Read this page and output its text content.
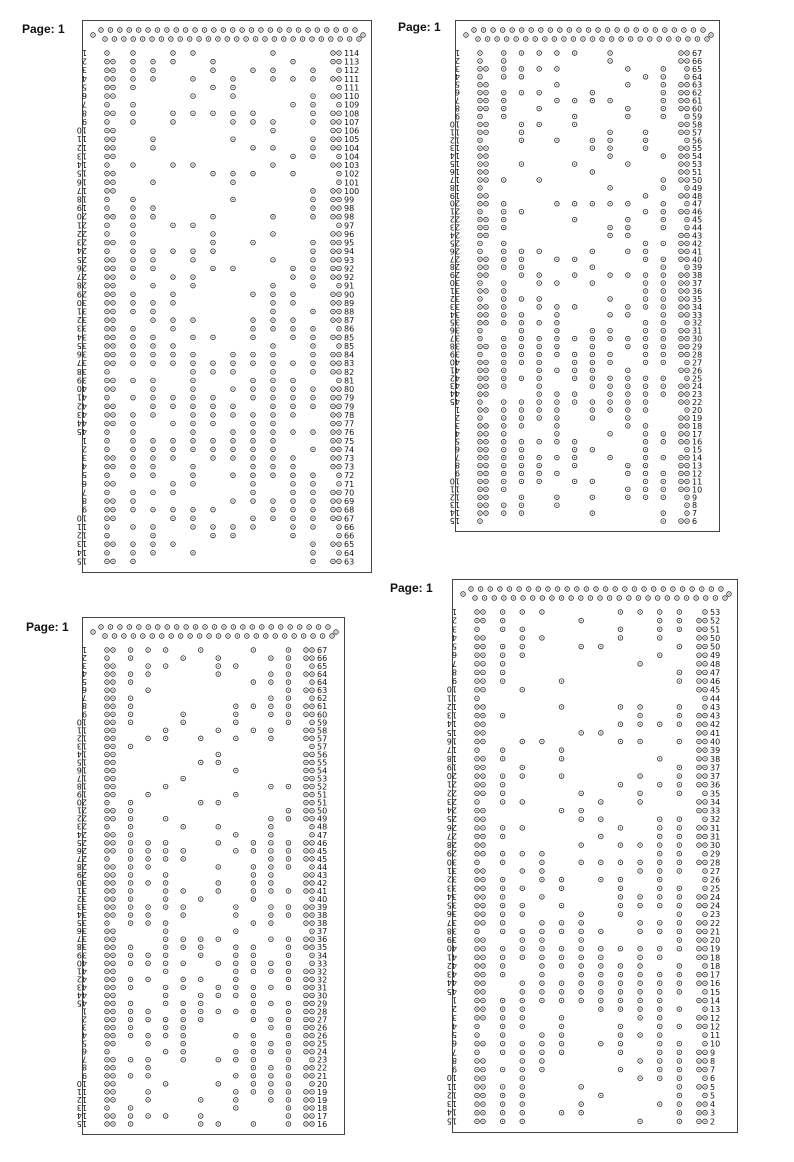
Page: 1	Page: 1
Page: 1
Page: 1
1	114
2	113
3	112
4	111
5	111
6	110
7	109
8	108
9	107
10	106
11	105
12	104
13	104
14	103
15	102
16	101
17	100
18	99
19	98
20	98
21	97
22	96
23	95
24	94
25	93
26	92
27	92
28	91
29	90
30	89
31	88
32	87
33	86
34	85
35	85
36	84
37	83
38	82
39	81
40	80
41	79
42	79
43	78
44	77
45	76
1	75
2	74
3	73
4	73
5	72
6	71
7	70
8	69
9	68
10	67
11	66
12	66
13	65
14	64
15	63
1	67
2	66
3	65
4	64
5	63
6	62
7	61
8	60
9	59
10	58
11	57
12	56
13	55
14	54
15	53
16	51
17	50
18	49
19	48
20	47
21	46
22	45
23	44
24	43
25	42
26	41
27	40
28	39
29	38
30	37
31	36
32	35
33	34
34	33
35	32
36	31
37	30
38	29
39	28
40	27
41	26
42	25
43	24
44	23
45	22
1	20
2	19
3	18
4	17
5	16
6	15
7	14
8	13
9	12
10	11
11	10
12	9
13	8
14	7
15	6
1	67
2	66
3	65
4	64
5	64
6	63
7	62
8	61
9	60
10	59
11	58
12	57
13	57
14	56
15	55
16	54
17	53
18	52
19	51
20	51
21	50
22	49
23	48
24	47
25	46
26	45
27	45
28	44
29	43
30	42
31	41
32	40
33	39
34	38
35	38
36	37
37	36
38	35
39	34
40	33
41	32
42	32
43	31
44	30
45	29
1	28
2	27
3	26
4	26
5	25
6	24
7	23
8	22
9	21
10	20
11	19
12	19
13	18
14	17
15	16
1	53
2	52
3	51
4	50
5	50
6	49
7	48
8	47
9	46
10	45
11	44
12	43
13	43
14	42
15	41
16	40
17	39
18	38
19	37
20	37
21	36
22	35
23	34
24	33
25	32
26	31
27	31
28	30
29	29
30	28
31	27
32	26
33	25
34	24
35	24
36	23
37	22
38	21
39	20
40	19
41	18
42	18
43	17
44	16
45	15
1	14
2	13
3	12
4	12
5	11
6	10
7	9
8	8
9	7
10	6
11	5
12	5
13	4
14	3
15	2
